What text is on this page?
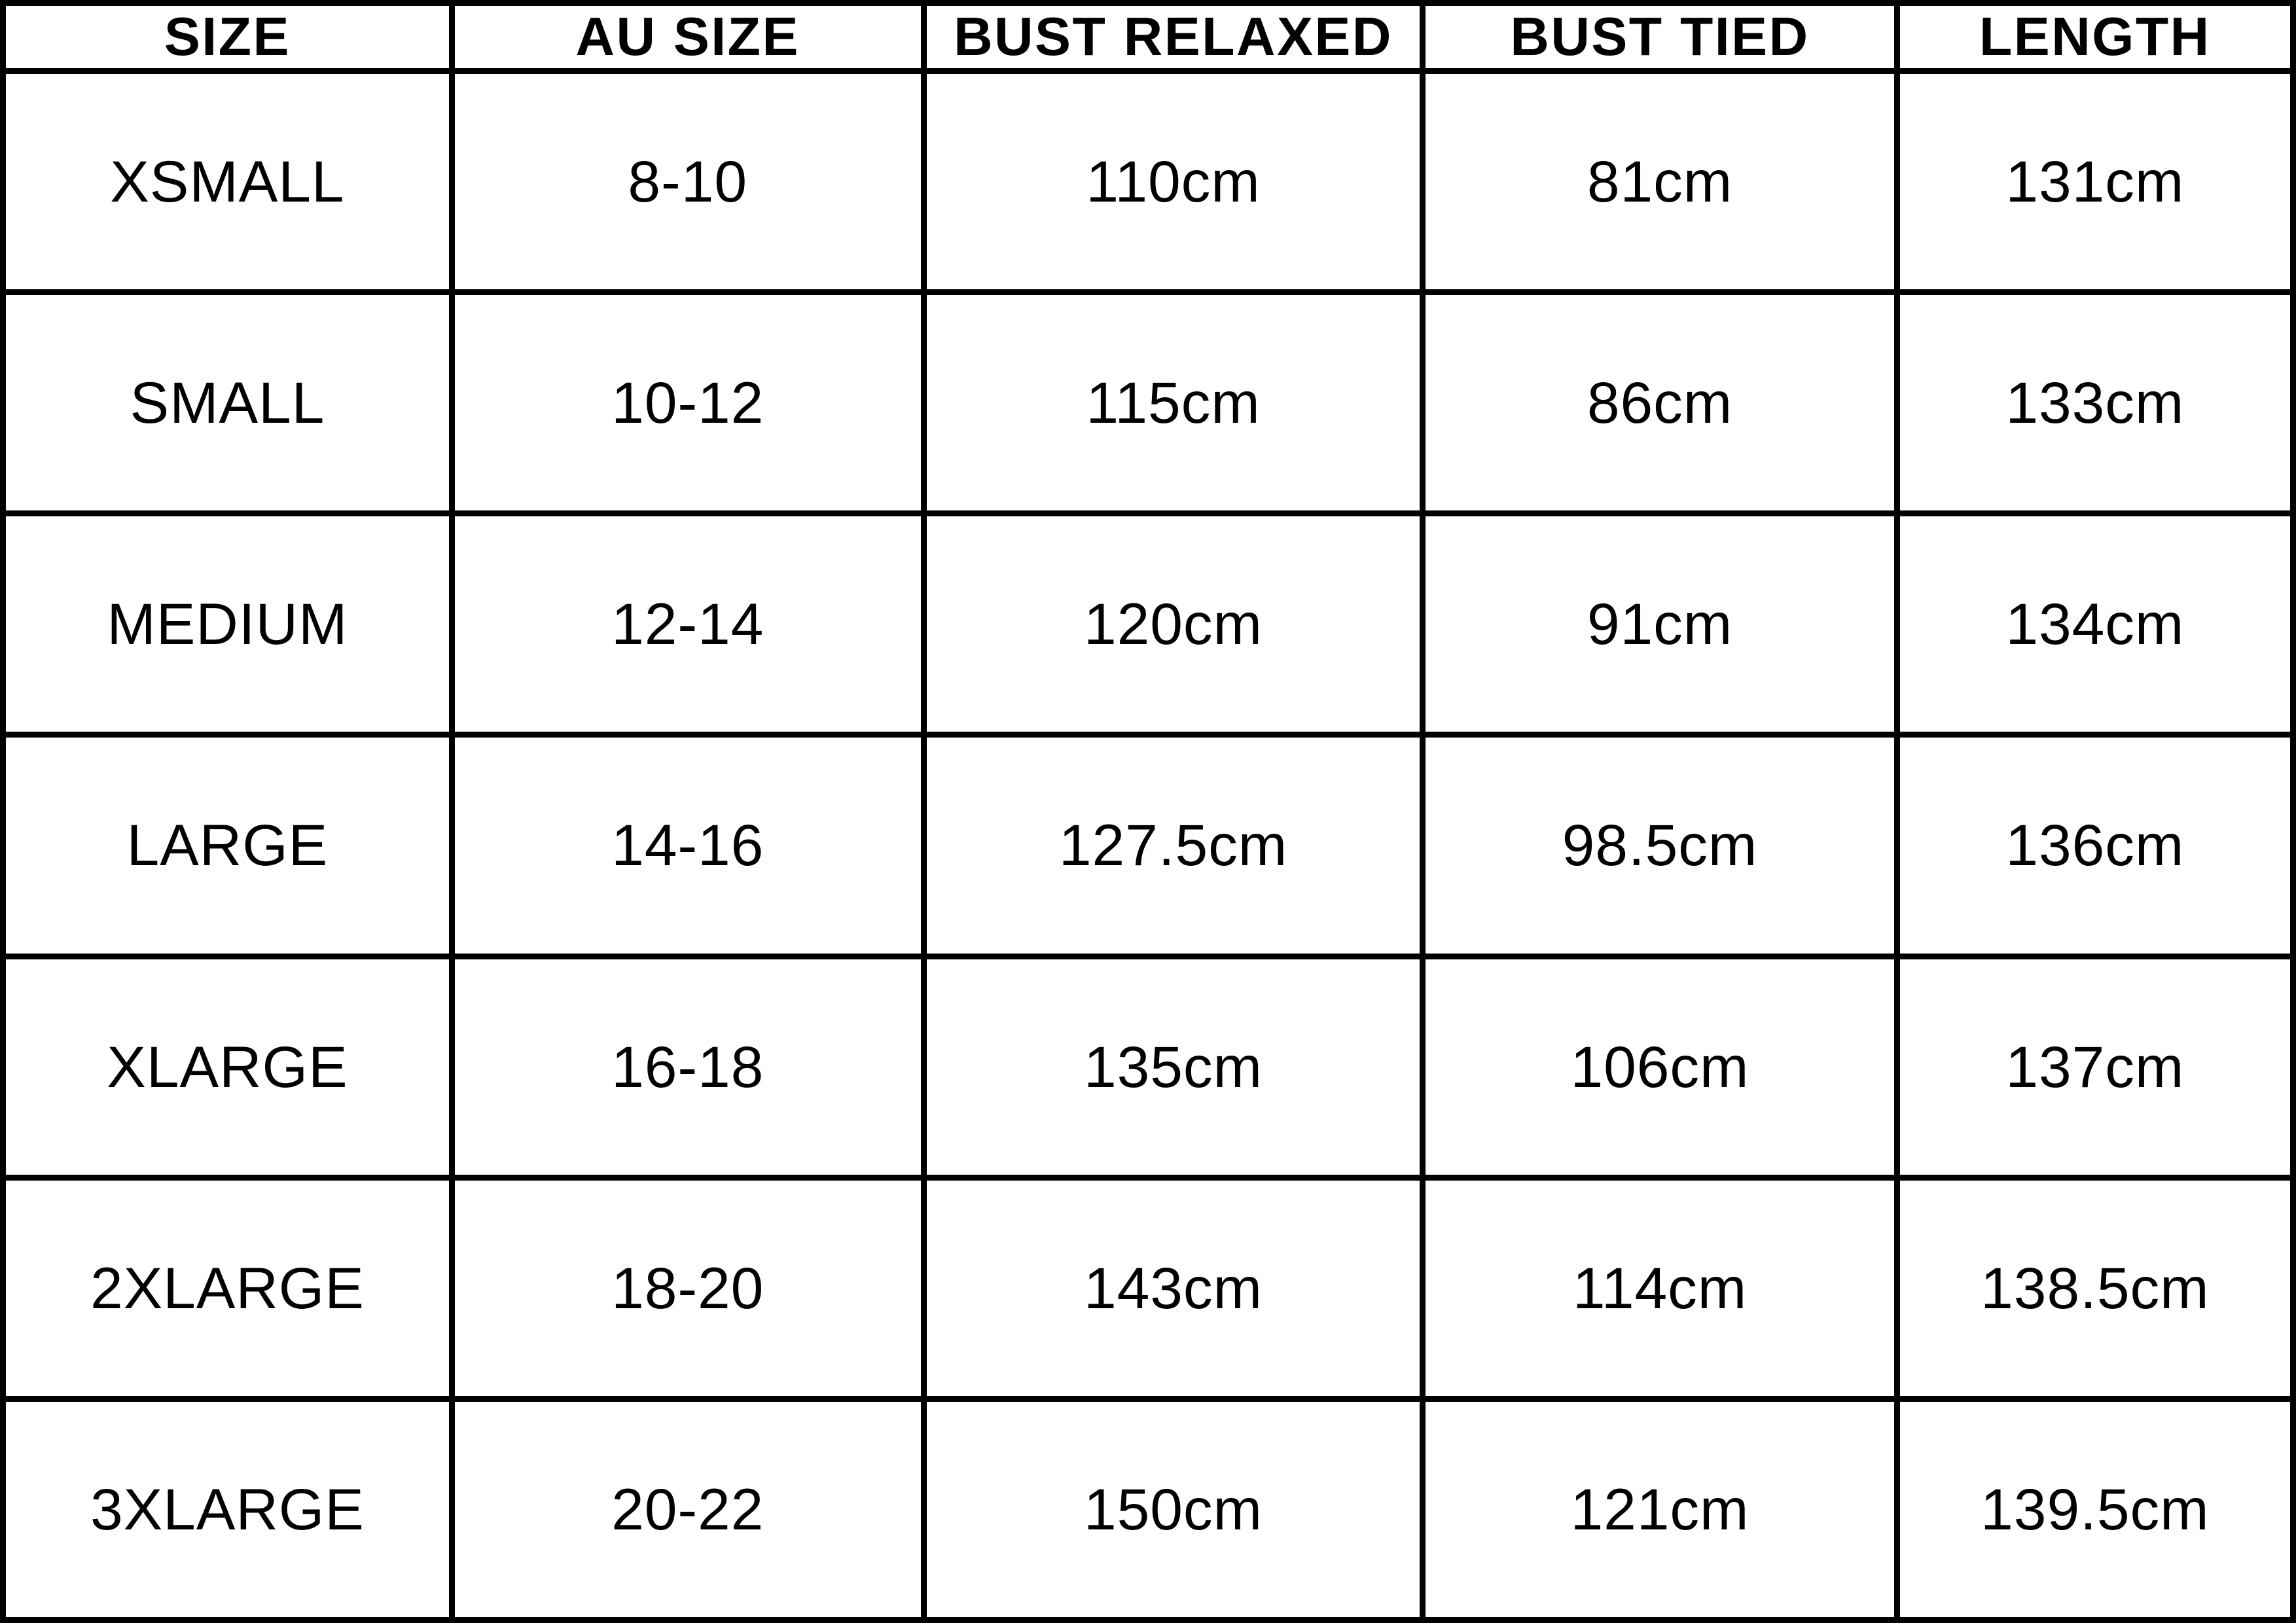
SIZE	AU SIZE	BUST RELAXED	BUST TIED	LENGTH
XSMALL	8-10	110cm	81cm	131cm
SMALL	10-12	115cm	86cm	133cm
MEDIUM	12-14	120cm	91cm	134cm
LARGE	14-16	127.5cm	98.5cm	136cm
XLARGE	16-18	135cm	106cm	137cm
2XLARGE	18-20	143cm	114cm	138.5cm
3XLARGE	20-22	150cm	121cm	139.5cm
